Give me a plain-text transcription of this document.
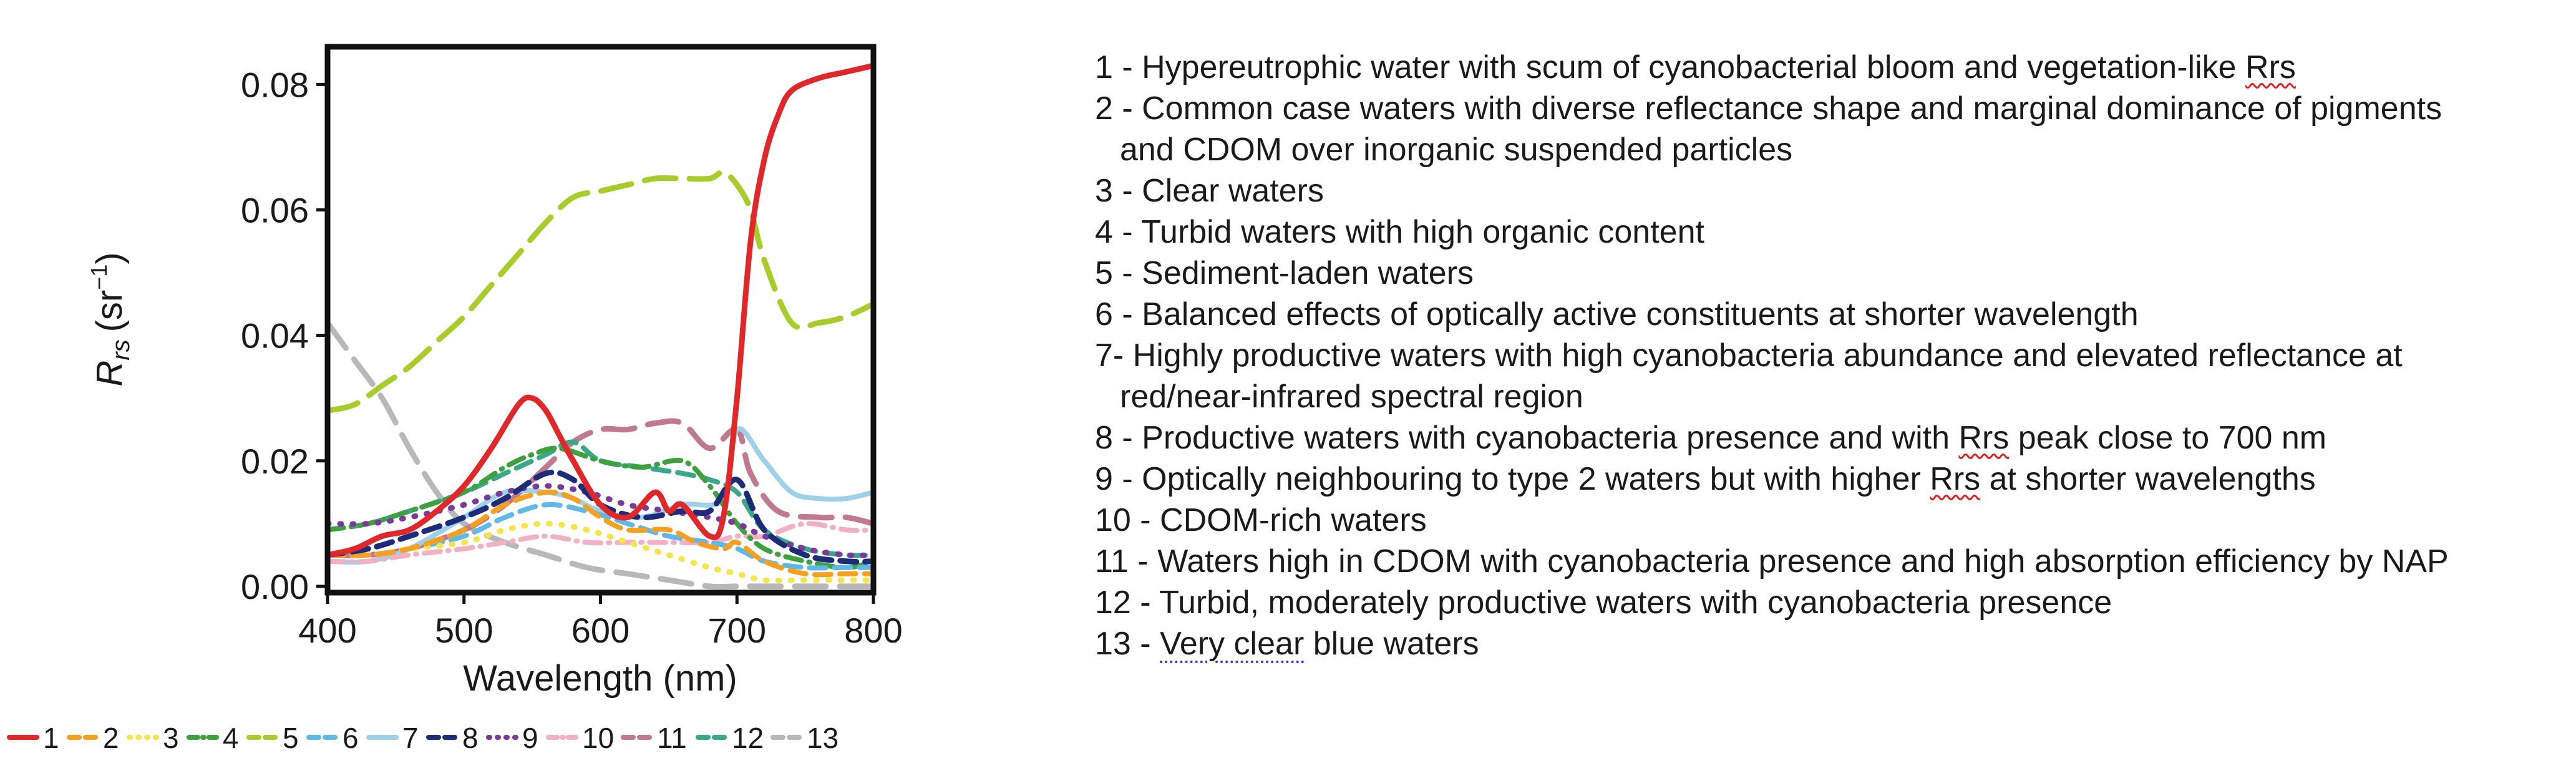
400 500 600 700 800
0.00
0.02
0.04
0.06
0.08
Wavelength (nm)
$R_{rs}(sr^{-1})$
1 2 3 4 5 6 7 8 9 10 11 12 13
1 - Hypereutrophic water with scum of cyanobacterial bloom and vegetation-like Rrs
2 - Common case waters with diverse reflectance shape and marginal dominance of pigments
and CDOM over inorganic suspended particles
3 - Clear waters
4 - Turbid waters with high organic content
5 - Sediment-laden waters
6 - Balanced effects of optically active constituents at shorter wavelength
7- Highly productive waters with high cyanobacteria abundance and elevated reflectance at
red/near-infrared spectral region
8 - Productive waters with cyanobacteria presence and with Rrs peak close to 700 nm
9 - Optically neighbouring to type 2 waters but with higher Rrs at shorter wavelengths
10 - CDOM-rich waters
11 - Waters high in CDOM with cyanobacteria presence and high absorption efficiency by NAP
12 - Turbid, moderately productive waters with cyanobacteria presence
13 - Very clear blue waters
